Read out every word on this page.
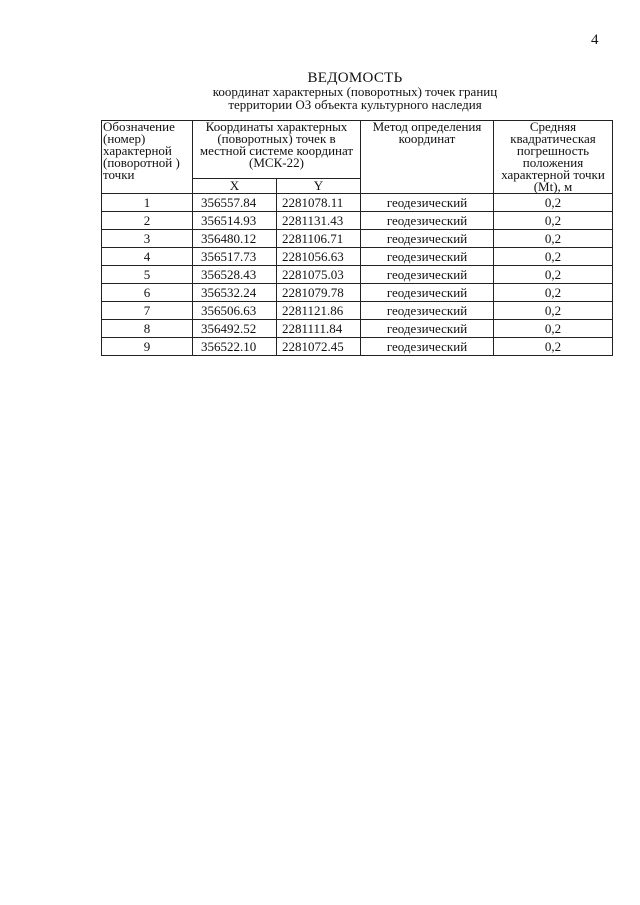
4
ВЕДОМОСТЬ
координат характерных (поворотных) точек границ
территории ОЗ объекта культурного наследия
Обозначение (номер) характерной (поворотной ) точки	Координаты характерных (поворотных) точек в местной системе координат (МСК-22)		Метод определения координат	Средняя квадратическая погрешность положения характерной точки (Mt), м
	X	Y		
1	356557.84	2281078.11	геодезический	0,2
2	356514.93	2281131.43	геодезический	0,2
3	356480.12	2281106.71	геодезический	0,2
4	356517.73	2281056.63	геодезический	0,2
5	356528.43	2281075.03	геодезический	0,2
6	356532.24	2281079.78	геодезический	0,2
7	356506.63	2281121.86	геодезический	0,2
8	356492.52	2281111.84	геодезический	0,2
9	356522.10	2281072.45	геодезический	0,2
